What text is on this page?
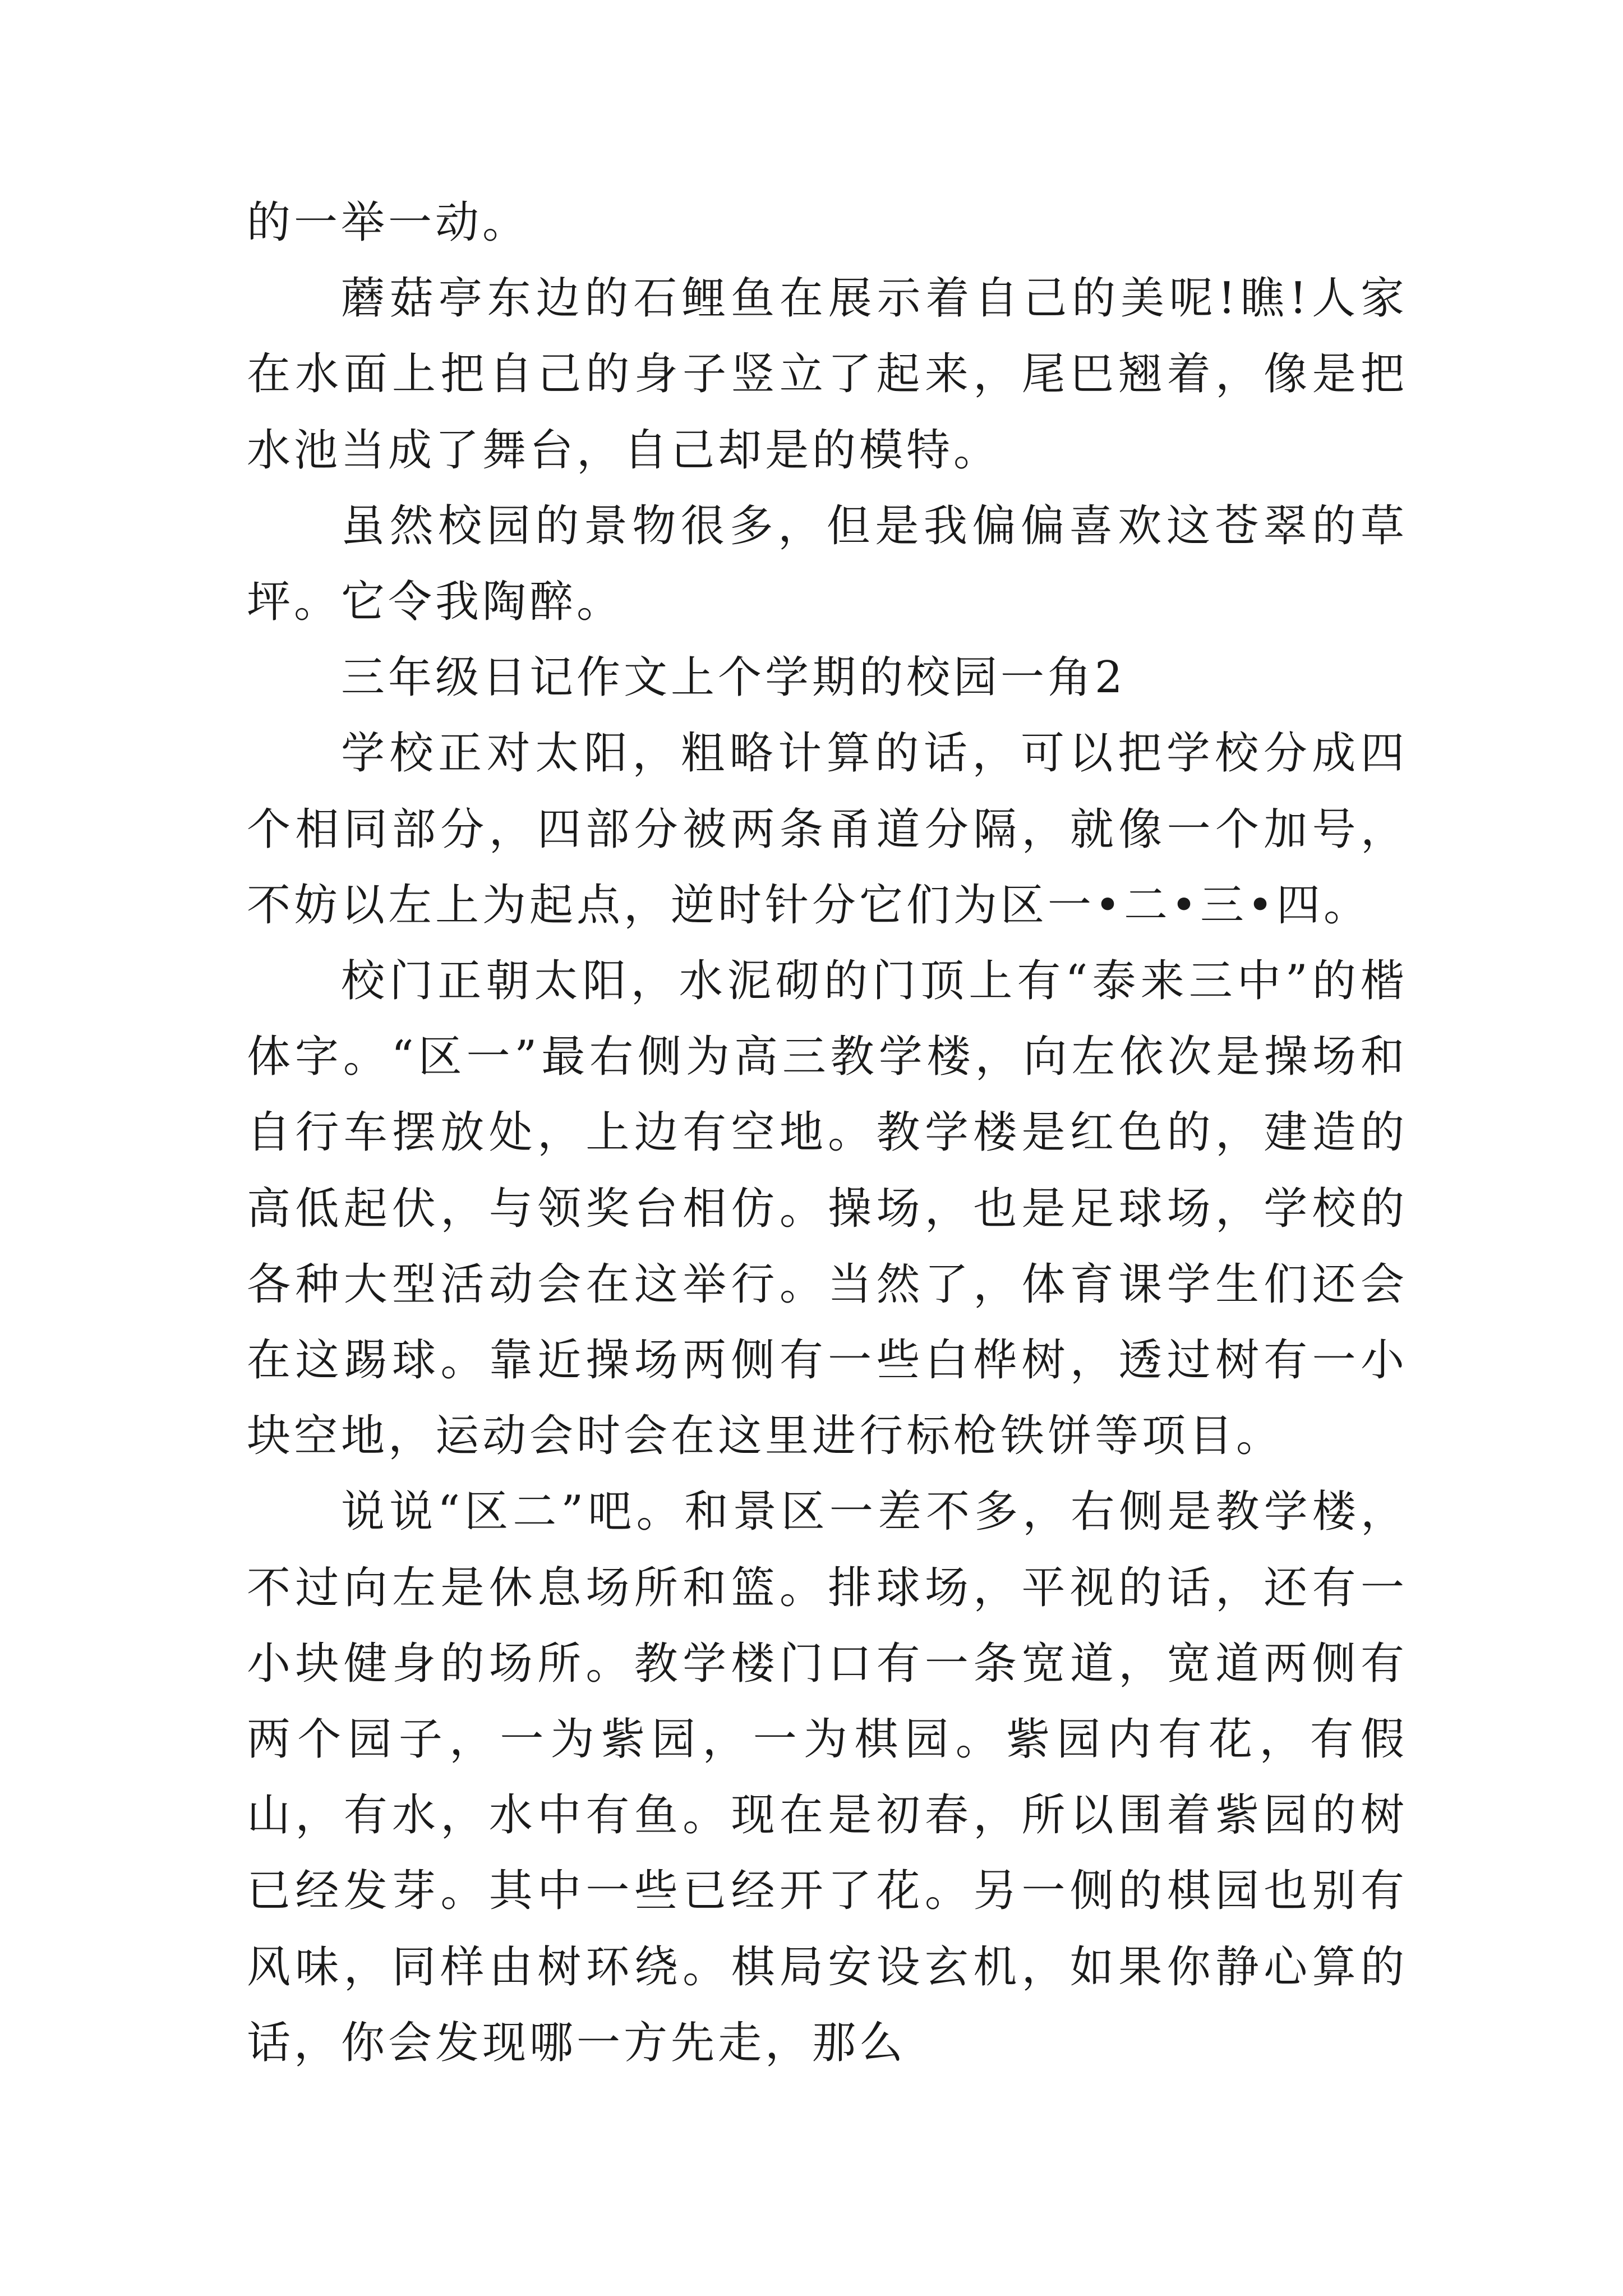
的一举一动。

蘑菇亭东边的石鲤鱼在展示着自己的美呢!瞧!人家在水面上把自己的身子竖立了起来，尾巴翘着，像是把水池当成了舞台，自己却是的模特。

虽然校园的景物很多，但是我偏偏喜欢这苍翠的草坪。它令我陶醉。

三年级日记作文上个学期的校园一角2

学校正对太阳，粗略计算的话，可以把学校分成四个相同部分，四部分被两条甬道分隔，就像一个加号，不妨以左上为起点，逆时针分它们为区一•二•三•四。

校门正朝太阳，水泥砌的门顶上有“泰来三中”的楷体字。“区一”最右侧为高三教学楼，向左依次是操场和自行车摆放处，上边有空地。教学楼是红色的，建造的高低起伏，与领奖台相仿。操场，也是足球场，学校的各种大型活动会在这举行。当然了，体育课学生们还会在这踢球。靠近操场两侧有一些白桦树，透过树有一小块空地，运动会时会在这里进行标枪铁饼等项目。

说说“区二”吧。和景区一差不多，右侧是教学楼，不过向左是休息场所和篮。排球场，平视的话，还有一小块健身的场所。教学楼门口有一条宽道，宽道两侧有两个园子，一为紫园，一为棋园。紫园内有花，有假山，有水，水中有鱼。现在是初春，所以围着紫园的树已经发芽。其中一些已经开了花。另一侧的棋园也别有风味，同样由树环绕。棋局安设玄机，如果你静心算的话，你会发现哪一方先走，那么
